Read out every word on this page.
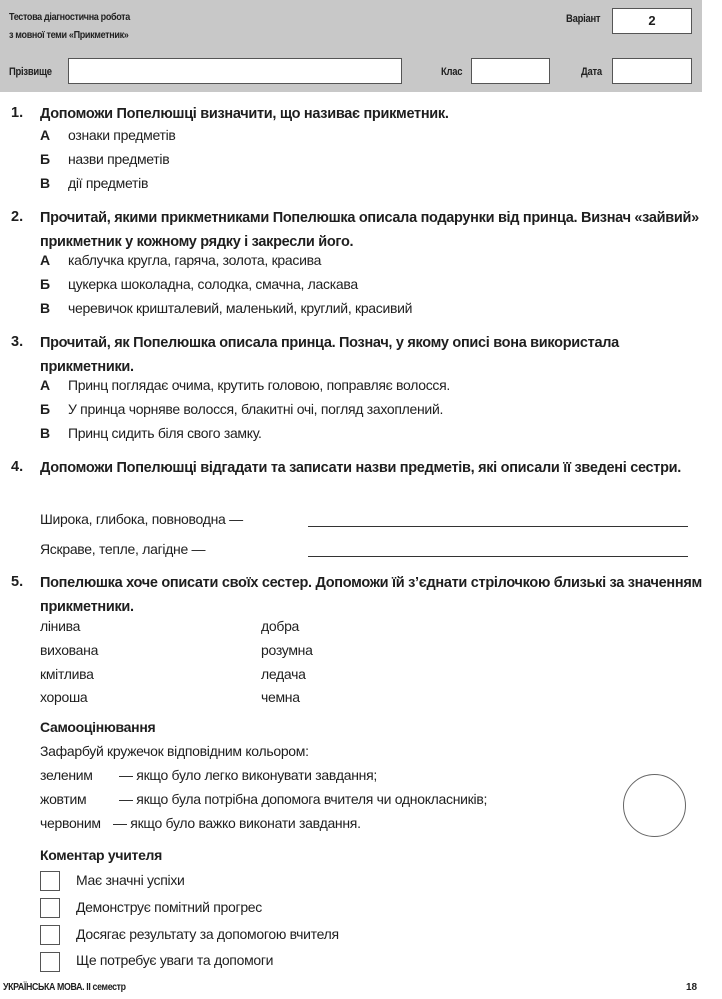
Тестова діагностична робота
з мовної теми «Прикметник»
Варіант	2
Прізвище	Клас	Дата
1. Допоможи Попелюшці визначити, що називає прикметник.
А ознаки предметів
Б назви предметів
В дії предметів
2. Прочитай, якими прикметниками Попелюшка описала подарунки від принца. Визнач «зайвий» прикметник у кожному рядку і закресли його.
А каблучка кругла, гаряча, золота, красива
Б цукерка шоколадна, солодка, смачна, ласкава
В черевичок кришталевий, маленький, круглий, красивий
3. Прочитай, як Попелюшка описала принца. Познач, у якому описі вона використала прикметники.
А Принц поглядає очима, крутить головою, поправляє волосся.
Б У принца чорняве волосся, блакитні очі, погляд захоплений.
В Принц сидить біля свого замку.
4. Допоможи Попелюшці відгадати та записати назви предметів, які описали її зведені сестри.
Широка, глибока, повноводна —
Яскраве, тепле, лагідне —
5. Попелюшка хоче описати своїх сестер. Допоможи їй з’єднати стрілочкою близькі за значенням прикметники.
лінива
вихована
кмітлива
хороша
добра
розумна
ледача
чемна
Самооцінювання
Зафарбуй кружечок відповідним кольором:
зеленим — якщо було легко виконувати завдання;
жовтим — якщо була потрібна допомога вчителя чи однокласників;
червоним — якщо було важко виконати завдання.
Коментар учителя
Має значні успіхи
Демонструє помітний прогрес
Досягає результату за допомогою вчителя
Ще потребує уваги та допомоги
УКРАЇНСЬКА МОВА. ІІ семестр	18
